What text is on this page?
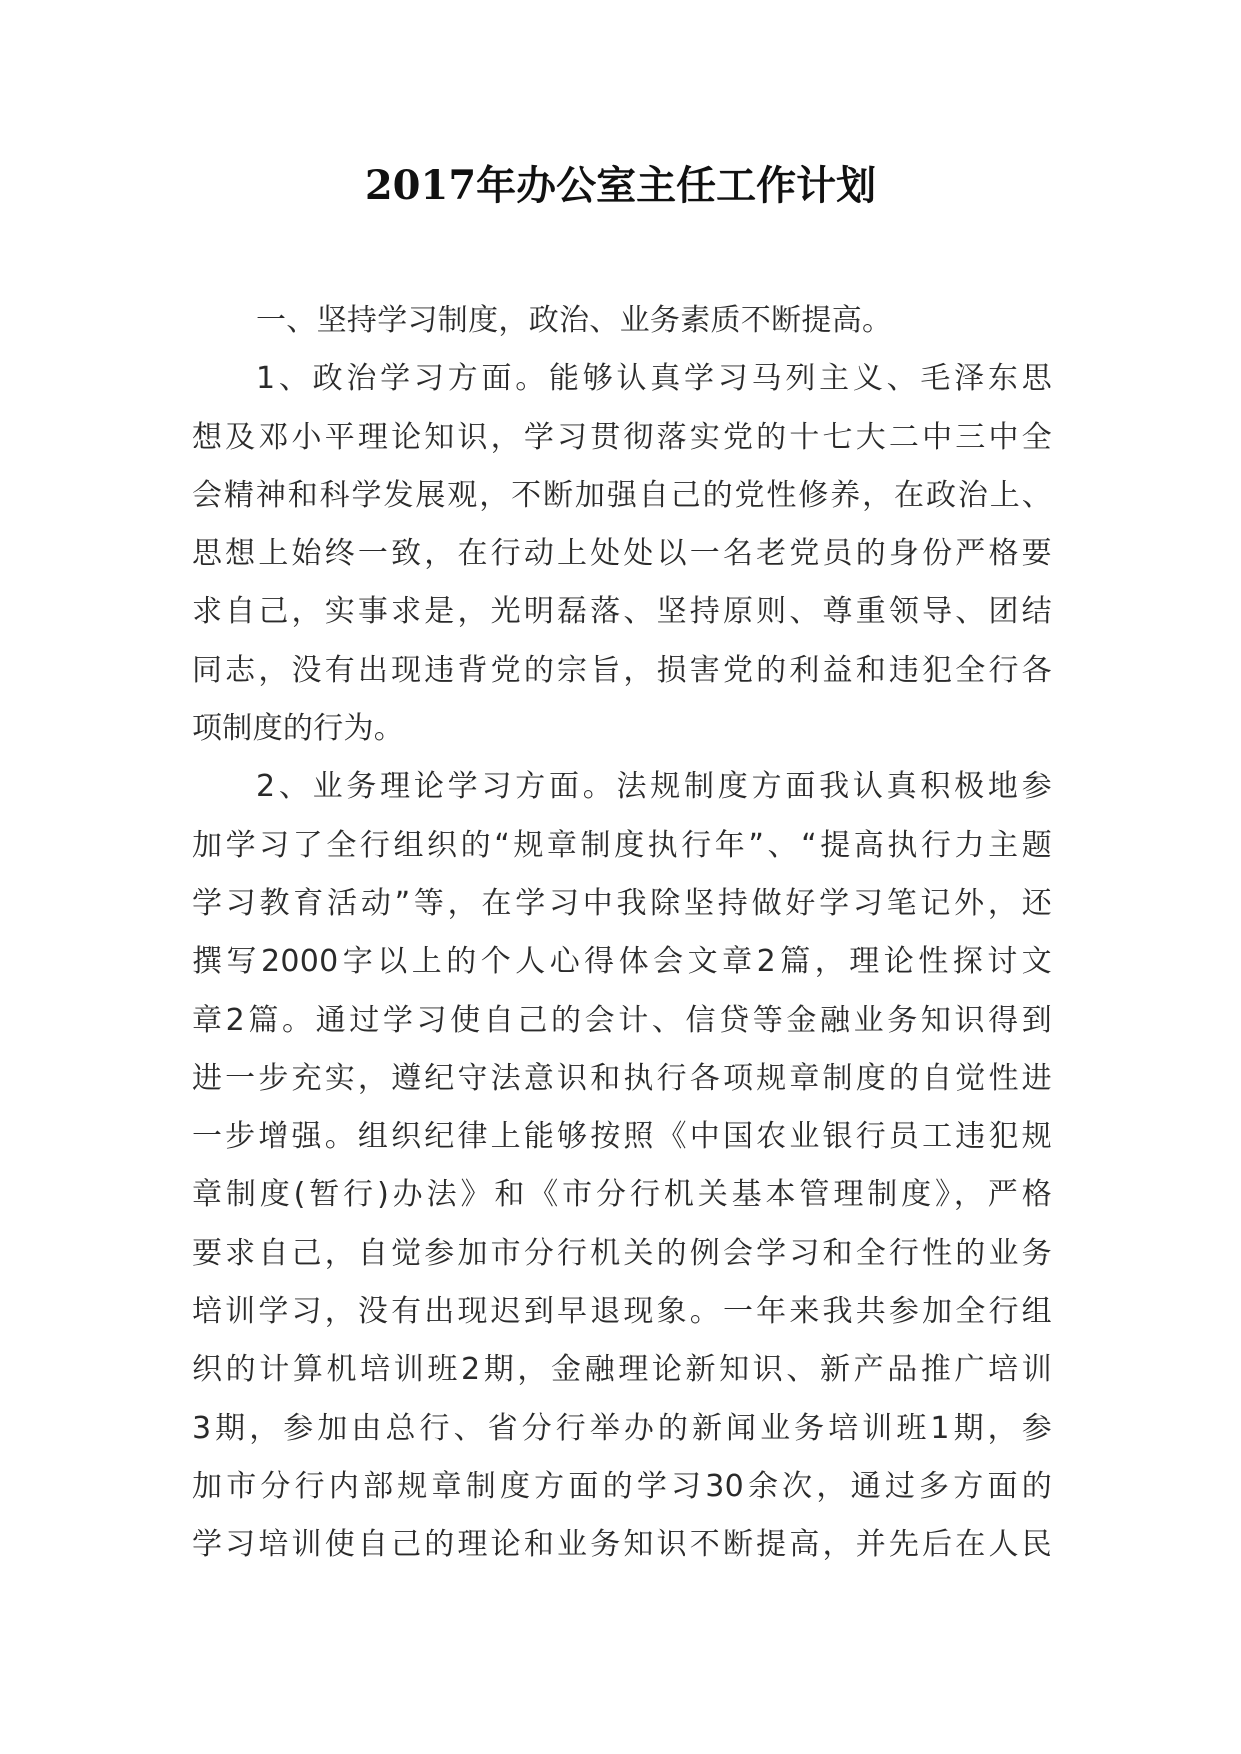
2017年办公室主任工作计划
一、坚持学习制度，政治、业务素质不断提高。
1、政治学习方面。能够认真学习马列主义、毛泽东思
想及邓小平理论知识，学习贯彻落实党的十七大二中三中全
会精神和科学发展观，不断加强自己的党性修养，在政治上、
思想上始终一致，在行动上处处以一名老党员的身份严格要
求自己，实事求是，光明磊落、坚持原则、尊重领导、团结
同志，没有出现违背党的宗旨，损害党的利益和违犯全行各
项制度的行为。
2、业务理论学习方面。法规制度方面我认真积极地参
加学习了全行组织的“规章制度执行年”、“提高执行力主题
学习教育活动”等，在学习中我除坚持做好学习笔记外，还
撰写2000字以上的个人心得体会文章2篇，理论性探讨文
章2篇。通过学习使自己的会计、信贷等金融业务知识得到
进一步充实，遵纪守法意识和执行各项规章制度的自觉性进
一步增强。组织纪律上能够按照《中国农业银行员工违犯规
章制度(暂行)办法》和《市分行机关基本管理制度》，严格
要求自己，自觉参加市分行机关的例会学习和全行性的业务
培训学习，没有出现迟到早退现象。一年来我共参加全行组
织的计算机培训班2期，金融理论新知识、新产品推广培训
3期，参加由总行、省分行举办的新闻业务培训班1期，参
加市分行内部规章制度方面的学习30余次，通过多方面的
学习培训使自己的理论和业务知识不断提高，并先后在人民
